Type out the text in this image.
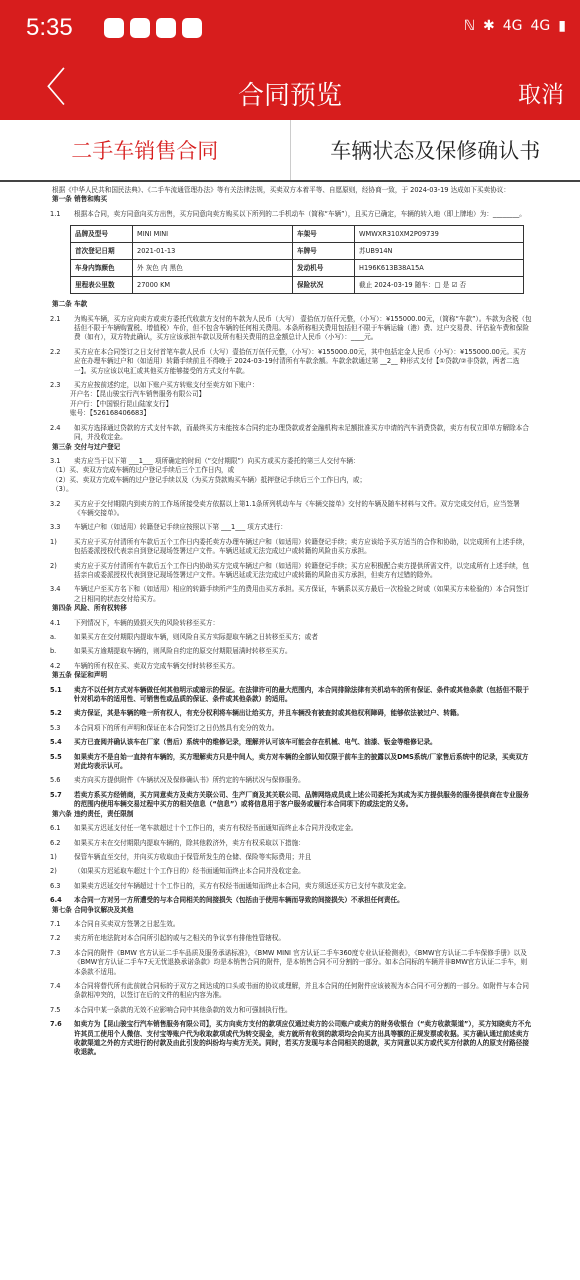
5:35	ℕ ✱ 4G 4G ▮
〈	合同预览	取消
二手车销售合同	车辆状态及保修确认书

根据《中华人民共和国民法典》、《二手车流通管理办法》等有关法律法规，买卖双方本着平等、自愿原则，经协商一致，于 2024-03-19 达成如下买卖协议：

第一条 销售和购买

1.1	根据本合同，卖方同意向买方出售，买方同意向卖方购买以下所列的二手机动车（简称“车辆”），且买方已确定，车辆的转入地（即上牌地）为：________。
品牌及型号	MINI MINI	车架号	WMWXR310XM2P09739
首次登记日期	2021-01-13	车牌号	苏UB914N
车身内饰颜色	外 灰色 内 黑色	发动机号	H196K613B38A15A
里程表公里数	27000 KM	保险状况	截止 2024-03-19 随车：□ 是 ☑ 否

第二条 车款

2.1	为购买车辆，买方应向卖方或卖方委托代收款方支付的车款为人民币（大写） 壹拾伍万伍仟元整，（小写）：¥155000.00元，（简称“车款”）。车款为含税（包括但不限于车辆购置税、增值税）车价，但不包含车辆的任何相关费用。本条所称相关费用包括但不限于车辆运输（港）费、过户交易费、评估验车费和保险费（如有），双方特此确认，买方应该承担车款以及所有相关费用的总金额总计人民币（小写）：____元。
2.2	买方应在本合同签订之日支付首笔车款人民币（大写）壹拾伍万伍仟元整，（小写）：¥155000.00元，其中包括定金人民币（小写）：¥155000.00元。买方应在办理车辆过户和（如适用）转籍手续前且不得晚于 2024-03-19付清所有车款余额。车款余款通过第 __2__ 种形式支付【①贷款/②非贷款，两者二选一】。买方应该以电汇或其他买方能够接受的方式支付车款。
2.3	买方应按前述约定，以如下账户买方转账支付至卖方如下账户：

开户名：【昆山骏宝行汽车销售服务有限公司】

开户行：【中国银行昆山陆家支行】

账号：【526168406683】

2.4	如买方选择通过贷款的方式支付车款，而最终买方未能按本合同约定办理贷款或者金融机构未足额批准买方申请的汽车消费贷款，卖方有权立即单方解除本合同，并没收定金。

第三条 交付与过户登记

3.1	卖方应当于以下第 ___1___ 项所确定的时间（“交付期限”）向买方或买方委托的第三人交付车辆：

（1）买、卖双方完成车辆的过户登记手续后三个工作日内，或

（2）买、卖双方完成车辆的过户登记手续以及（为买方贷款购买车辆）抵押登记手续后三个工作日内，或；

（3）。

3.2	买方应于交付期限内到卖方的工作场所接受卖方依据以上第1.1条所列机动车与《车辆交接单》交付的车辆及随车材料与文件。双方完成交付后，应当签署《车辆交接单》。
3.3	车辆过户和（如适用）转籍登记手续应按照以下第 ___1___ 项方式进行：
1)	买方应于买方付清所有车款后五个工作日内委托卖方办理车辆过户和（如适用）转籍登记手续；卖方应该给予买方适当的合作和协助，以完成所有上述手续，包括委派授权代表亲自到登记现场签署过户文件。车辆迟延或无法完成过户或转籍的风险由买方承担。
2)	卖方应于买方付清所有车款后五个工作日内协助买方完成车辆过户和（如适用）转籍登记手续；买方应积极配合卖方提供所需文件，以完成所有上述手续，包括亲自或委派授权代表到登记现场签署过户文件。车辆迟延或无法完成过户或转籍的风险由买方承担，但卖方有过错的除外。
3.4	车辆过户至买方名下和（如适用）相应的转籍手续所产生的费用由买方承担。买方保证，车辆系以买方最后一次检验之时或（如果买方未检验的）本合同签订之日相同的状态交付给买方。

第四条 风险、所有权转移

4.1	下列情况下，车辆的毁损灭失的风险转移至买方：
a.	如果买方在交付期限内提取车辆，则风险自买方实际提取车辆之日转移至买方；或者
b.	如果买方逾期提取车辆的，则风险自约定的原交付期限届满时转移至买方。
4.2	车辆的所有权在买、卖双方完成车辆交付时转移至买方。

第五条 保证和声明

5.1	卖方不以任何方式对车辆做任何其他明示或暗示的保证。在法律许可的最大范围内，本合同排除法律有关机动车的所有保证、条件或其他条款（包括但不限于针对机动车的适用性、可销售性或品质的保证、条件或其他条款）的适用。
5.2	卖方保证，其是车辆的唯一所有权人，有充分权利将车辆出让给买方，并且车辆没有被查封或其他权利障碍，能够依法被过户、转籍。
5.3	本合同项下的所有声明和保证在本合同签订之日仍然具有充分的效力。
5.4	买方已查阅并确认该车在厂家（售后）系统中的维修记录，理解并认可该车可能会存在机械、电气、油漆、钣金等维修记录。
5.5	如果卖方不是自始一直持有车辆的，买方理解卖方只是中间人，卖方对车辆的全部认知仅限于前车主的披露以及DMS系统/厂家售后系统中的记录，买卖双方对此均表示认可。
5.6	卖方向买方提供附件《车辆状况及保修确认书》所约定的车辆状况与保修服务。
5.7	若卖方系买方经销商，买方同意卖方及卖方关联公司、生产厂商及其关联公司、品牌网络成员成上述公司委托为其成为买方提供服务的服务提供商在专业服务的范围内使用车辆交易过程中买方的相关信息（“信息”）或将信息用于客户服务或履行本合同项下的或法定的义务。

第六条 违约责任，责任限制

6.1	如果买方迟延支付任一笔车款超过十个工作日的，卖方有权经书面通知而终止本合同并没收定金。
6.2	如果买方未在交付期限内提取车辆的，除其他救济外，卖方有权采取以下措施：
1)	保管车辆直至交付，并向买方收取由于保管所发生的仓储、保险等实际费用；并且
2)	（如果买方迟延取车超过十个工作日的）经书面通知而终止本合同并没收定金。
6.3	如果卖方迟延交付车辆超过十个工作日的，买方有权经书面通知而终止本合同，卖方须返还买方已支付车款及定金。
6.4	本合同一方对另一方所遭受的与本合同相关的间接损失（包括由于使用车辆而导致的间接损失）不承担任何责任。

第七条 合同争议解决及其他

7.1	本合同自买卖双方签署之日起生效。
7.2	卖方所在地法院对本合同所引起的或与之相关的争议享有排他性管辖权。
7.3	本合同的附件《BMW 官方认证二手车品质及服务承诺标准》，《BMW MINI 官方认证二手车360度专业认证检测表》，《BMW官方认证二手车保修手册》以及《BMW官方认证二手车7天无忧退换承诺条款》均是本销售合同的附件，是本销售合同不可分割的一部分。如本合同标的车辆并非BMW官方认证二手车，则本条款不适用。
7.4	本合同将替代所有此前就合同标的于双方之间达成的口头或书面的协议或理解，并且本合同的任何附件应该被视为本合同不可分割的一部分。如附件与本合同条款相冲突的，以签订在后的文件的相应内容为准。
7.5	本合同中某一条款的无效不应影响合同中其他条款的效力和可强制执行性。
7.6	如卖方为【昆山骏宝行汽车销售服务有限公司】，买方向卖方支付的款项应仅通过卖方的公司账户或卖方的财务收银台（“卖方收款渠道”），买方知晓卖方不允许其员工使用个人微信、支付宝等账户代为收取款项或代为转交现金，卖方就所有收到的款项均会向买方出具等额的正规发票或收据。买方确认通过前述卖方收款渠道之外的方式进行的付款及由此引发的纠纷均与卖方无关。同时，若买方发现与本合同相关的退款，买方同意以买方或代买方付款的人的原支付路径接收退款。
